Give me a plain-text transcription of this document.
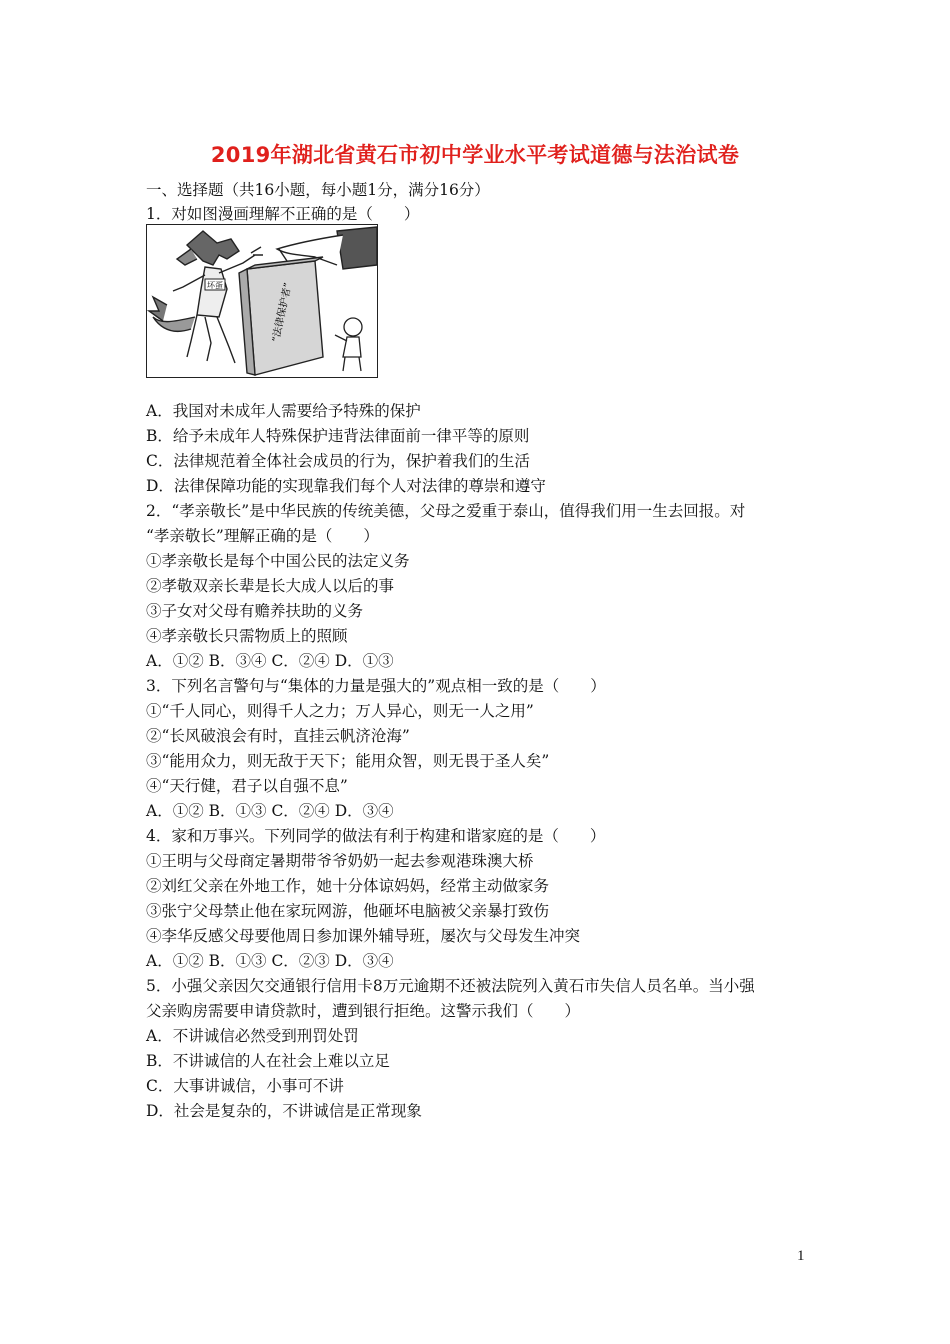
2019年湖北省黄石市初中学业水平考试道德与法治试卷
一、选择题（共16小题，每小题1分，满分16分）
1．对如图漫画理解不正确的是（　　）
坏蛋	“法律保护者”
A．我国对未成年人需要给予特殊的保护
B．给予未成年人特殊保护违背法律面前一律平等的原则
C．法律规范着全体社会成员的行为，保护着我们的生活
D．法律保障功能的实现靠我们每个人对法律的尊崇和遵守
2．“孝亲敬长”是中华民族的传统美德，父母之爱重于泰山，值得我们用一生去回报。对
“孝亲敬长”理解正确的是（　　）
①孝亲敬长是每个中国公民的法定义务
②孝敬双亲长辈是长大成人以后的事
③子女对父母有赡养扶助的义务
④孝亲敬长只需物质上的照顾
A．①② B．③④ C．②④ D．①③
3．下列名言警句与“集体的力量是强大的”观点相一致的是（　　）
①“千人同心，则得千人之力；万人异心，则无一人之用”
②“长风破浪会有时，直挂云帆济沧海”
③“能用众力，则无敌于天下；能用众智，则无畏于圣人矣”
④“天行健，君子以自强不息”
A．①② B．①③ C．②④ D．③④
4．家和万事兴。下列同学的做法有利于构建和谐家庭的是（　　）
①王明与父母商定暑期带爷爷奶奶一起去参观港珠澳大桥
②刘红父亲在外地工作，她十分体谅妈妈，经常主动做家务
③张宁父母禁止他在家玩网游，他砸坏电脑被父亲暴打致伤
④李华反感父母要他周日参加课外辅导班，屡次与父母发生冲突
A．①② B．①③ C．②③ D．③④
5．小强父亲因欠交通银行信用卡8万元逾期不还被法院列入黄石市失信人员名单。当小强
父亲购房需要申请贷款时，遭到银行拒绝。这警示我们（　　）
A．不讲诚信必然受到刑罚处罚
B．不讲诚信的人在社会上难以立足
C．大事讲诚信，小事可不讲
D．社会是复杂的，不讲诚信是正常现象
1
